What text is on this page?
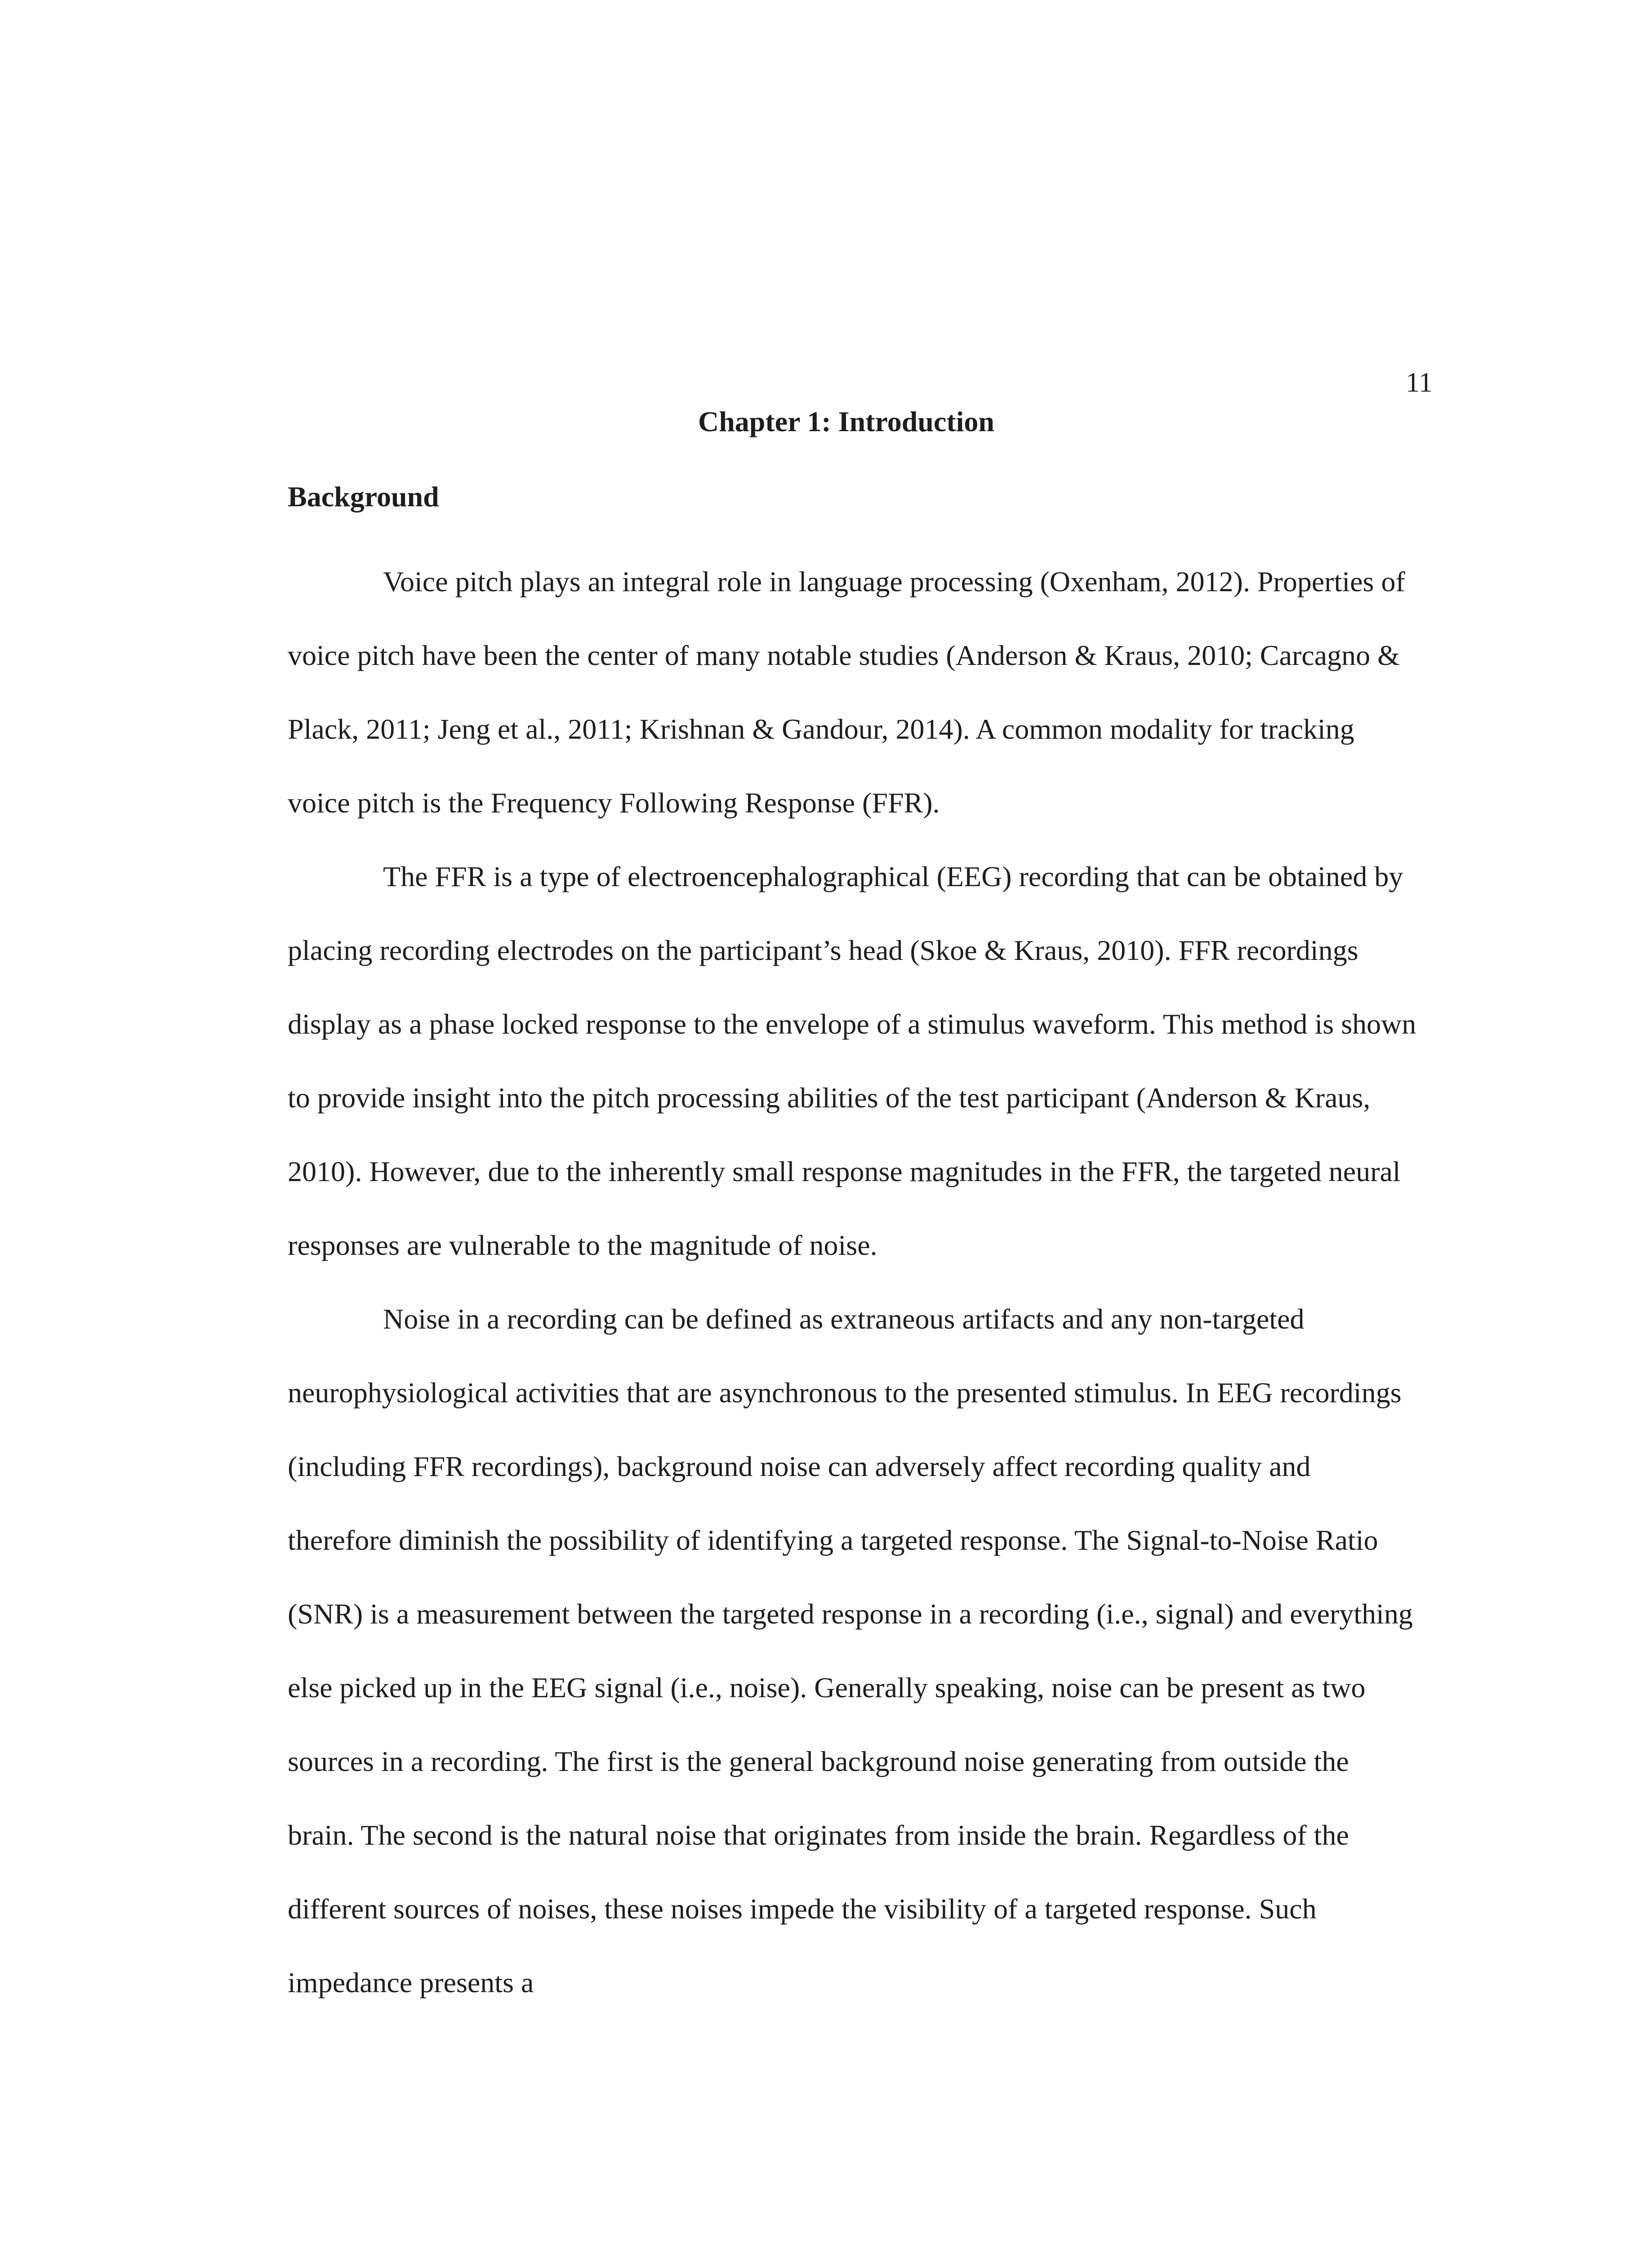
11
Chapter 1: Introduction
Background

Voice pitch plays an integral role in language processing (Oxenham, 2012). Properties of voice pitch have been the center of many notable studies (Anderson & Kraus, 2010; Carcagno & Plack, 2011; Jeng et al., 2011; Krishnan & Gandour, 2014). A common modality for tracking voice pitch is the Frequency Following Response (FFR).

The FFR is a type of electroencephalographical (EEG) recording that can be obtained by placing recording electrodes on the participant’s head (Skoe & Kraus, 2010). FFR recordings display as a phase locked response to the envelope of a stimulus waveform. This method is shown to provide insight into the pitch processing abilities of the test participant (Anderson & Kraus, 2010). However, due to the inherently small response magnitudes in the FFR, the targeted neural responses are vulnerable to the magnitude of noise.

Noise in a recording can be defined as extraneous artifacts and any non-targeted neurophysiological activities that are asynchronous to the presented stimulus. In EEG recordings (including FFR recordings), background noise can adversely affect recording quality and therefore diminish the possibility of identifying a targeted response. The Signal-to-Noise Ratio (SNR) is a measurement between the targeted response in a recording (i.e., signal) and everything else picked up in the EEG signal (i.e., noise). Generally speaking, noise can be present as two sources in a recording. The first is the general background noise generating from outside the brain. The second is the natural noise that originates from inside the brain. Regardless of the different sources of noises, these noises impede the visibility of a targeted response. Such impedance presents a
